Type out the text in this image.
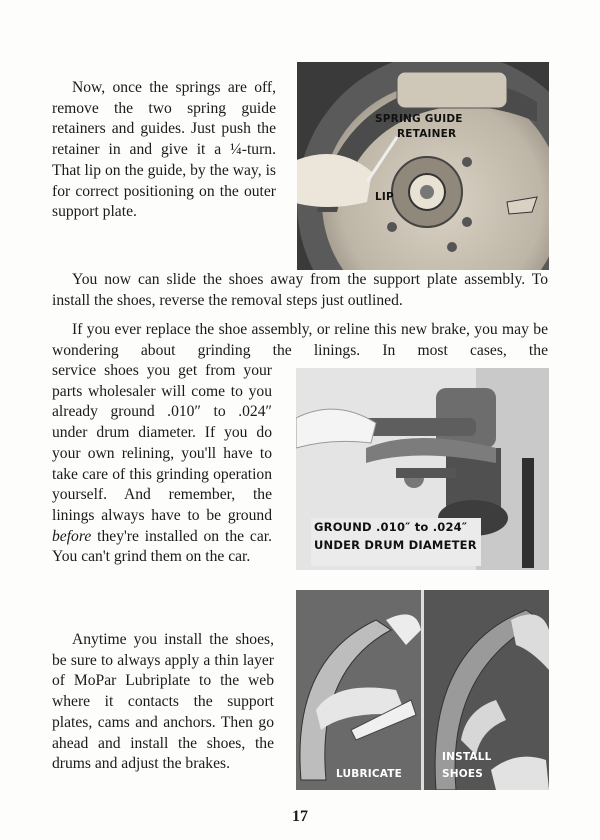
Now, once the springs are off, remove the two spring guide retainers and guides. Just push the retainer in and give it a ¼-turn. That lip on the guide, by the way, is for correct positioning on the outer support plate.

SPRING GUIDE
RETAINER
LIP

You now can slide the shoes away from the support plate assembly. To install the shoes, reverse the removal steps just outlined.

If you ever replace the shoe assembly, or reline this new brake, you may be wondering about grinding the linings. In most cases, the

service shoes you get from your parts wholesaler will come to you already ground .010″ to .024″ under drum diameter. If you do your own relining, you'll have to take care of this grinding operation yourself. And remember, the linings always have to be ground before they're installed on the car. You can't grind them on the car.

GROUND .010″ to .024″
UNDER DRUM DIAMETER

Anytime you install the shoes, be sure to always apply a thin layer of MoPar Lubriplate to the web where it contacts the support plates, cams and anchors. Then go ahead and install the shoes, the drums and adjust the brakes.

LUBRICATE
INSTALL
SHOES
17
